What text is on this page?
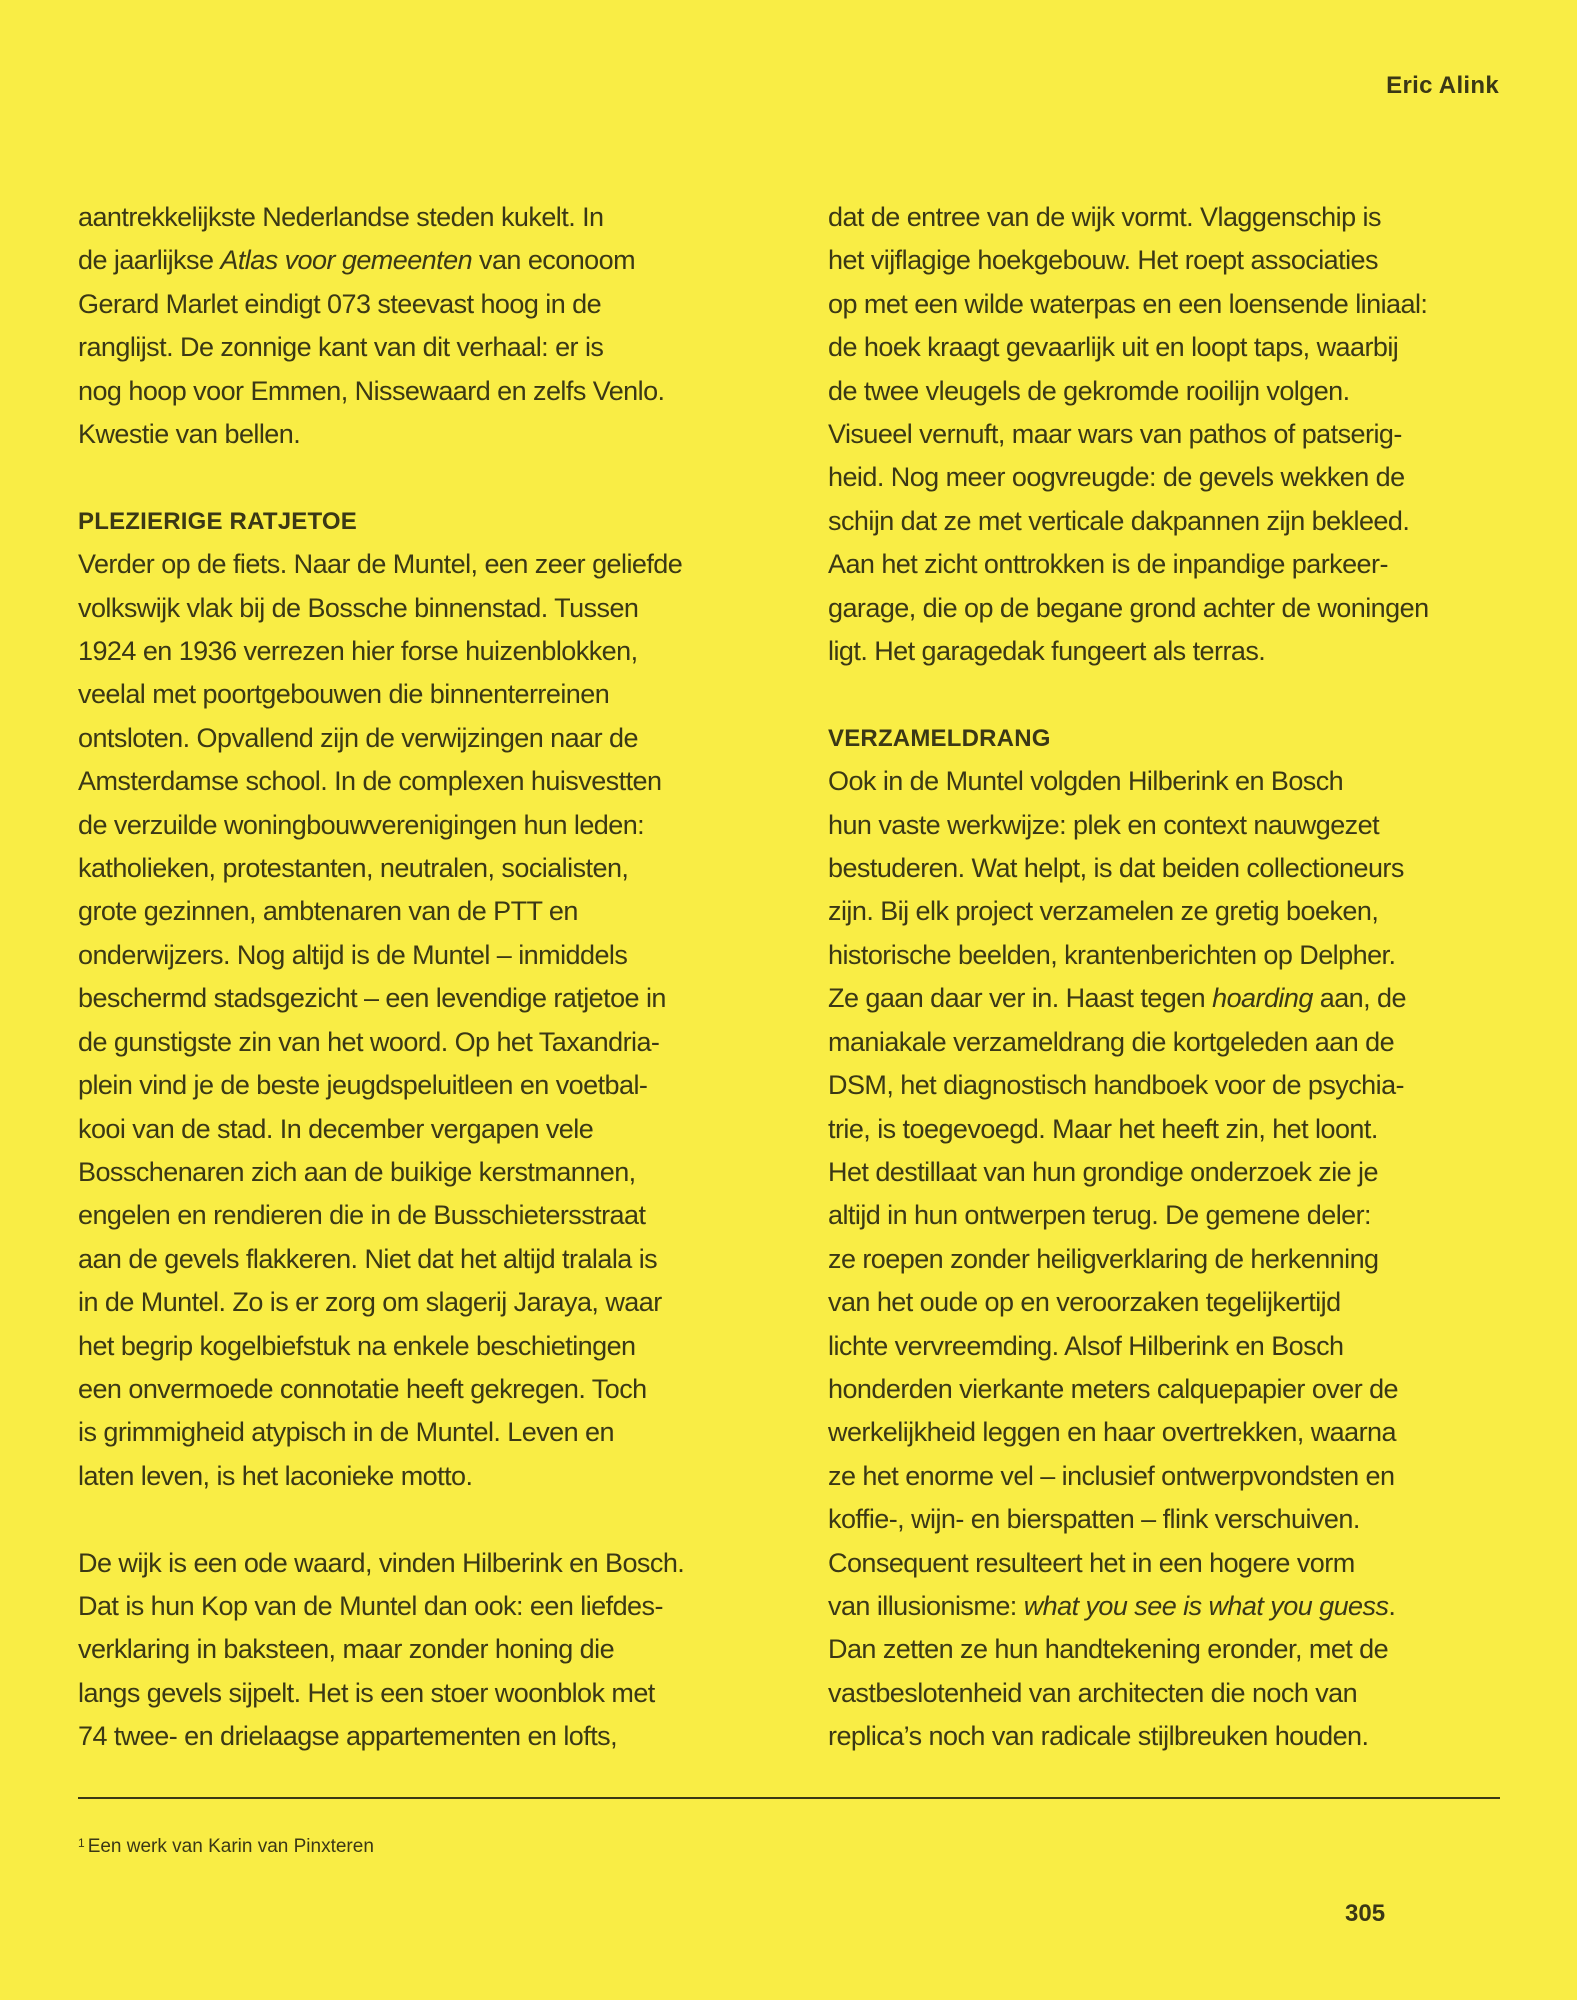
Eric Alink
aantrekkelijkste Nederlandse steden kukelt. In
de jaarlijkse Atlas voor gemeenten van econoom
Gerard Marlet eindigt 073 steevast hoog in de
ranglijst. De zonnige kant van dit verhaal: er is
nog hoop voor Emmen, Nissewaard en zelfs Venlo.
Kwestie van bellen.
PLEZIERIGE RATJETOE
Verder op de fiets. Naar de Muntel, een zeer geliefde
volkswijk vlak bij de Bossche binnenstad. Tussen
1924 en 1936 verrezen hier forse huizenblokken,
veelal met poortgebouwen die binnenterreinen
ontsloten. Opvallend zijn de verwijzingen naar de
Amsterdamse school. In de complexen huisvestten
de verzuilde woningbouwverenigingen hun leden:
katholieken, protestanten, neutralen, socialisten,
grote gezinnen, ambtenaren van de PTT en
onderwijzers. Nog altijd is de Muntel – inmiddels
beschermd stadsgezicht – een levendige ratjetoe in
de gunstigste zin van het woord. Op het Taxandria-
plein vind je de beste jeugdspeluitleen en voetbal-
kooi van de stad. In december vergapen vele
Bosschenaren zich aan de buikige kerstmannen,
engelen en rendieren die in de Busschietersstraat
aan de gevels flakkeren. Niet dat het altijd tralala is
in de Muntel. Zo is er zorg om slagerij Jaraya, waar
het begrip kogelbiefstuk na enkele beschietingen
een onvermoede connotatie heeft gekregen. Toch
is grimmigheid atypisch in de Muntel. Leven en
laten leven, is het laconieke motto.
De wijk is een ode waard, vinden Hilberink en Bosch.
Dat is hun Kop van de Muntel dan ook: een liefdes-
verklaring in baksteen, maar zonder honing die
langs gevels sijpelt. Het is een stoer woonblok met
74 twee- en drielaagse appartementen en lofts,
dat de entree van de wijk vormt. Vlaggenschip is
het vijflagige hoekgebouw. Het roept associaties
op met een wilde waterpas en een loensende liniaal:
de hoek kraagt gevaarlijk uit en loopt taps, waarbij
de twee vleugels de gekromde rooilijn volgen.
Visueel vernuft, maar wars van pathos of patserig-
heid. Nog meer oogvreugde: de gevels wekken de
schijn dat ze met verticale dakpannen zijn bekleed.
Aan het zicht onttrokken is de inpandige parkeer-
garage, die op de begane grond achter de woningen
ligt. Het garagedak fungeert als terras.
VERZAMELDRANG
Ook in de Muntel volgden Hilberink en Bosch
hun vaste werkwijze: plek en context nauwgezet
bestuderen. Wat helpt, is dat beiden collectioneurs
zijn. Bij elk project verzamelen ze gretig boeken,
historische beelden, krantenberichten op Delpher.
Ze gaan daar ver in. Haast tegen hoarding aan, de
maniakale verzameldrang die kortgeleden aan de
DSM, het diagnostisch handboek voor de psychia-
trie, is toegevoegd. Maar het heeft zin, het loont.
Het destillaat van hun grondige onderzoek zie je
altijd in hun ontwerpen terug. De gemene deler:
ze roepen zonder heiligverklaring de herkenning
van het oude op en veroorzaken tegelijkertijd
lichte vervreemding. Alsof Hilberink en Bosch
honderden vierkante meters calquepapier over de
werkelijkheid leggen en haar overtrekken, waarna
ze het enorme vel – inclusief ontwerpvondsten en
koffie-, wijn- en bierspatten – flink verschuiven.
Consequent resulteert het in een hogere vorm
van illusionisme: what you see is what you guess.
Dan zetten ze hun handtekening eronder, met de
vastbeslotenheid van architecten die noch van
replica’s noch van radicale stijlbreuken houden.
$^1$ Een werk van Karin van Pinxteren
305
